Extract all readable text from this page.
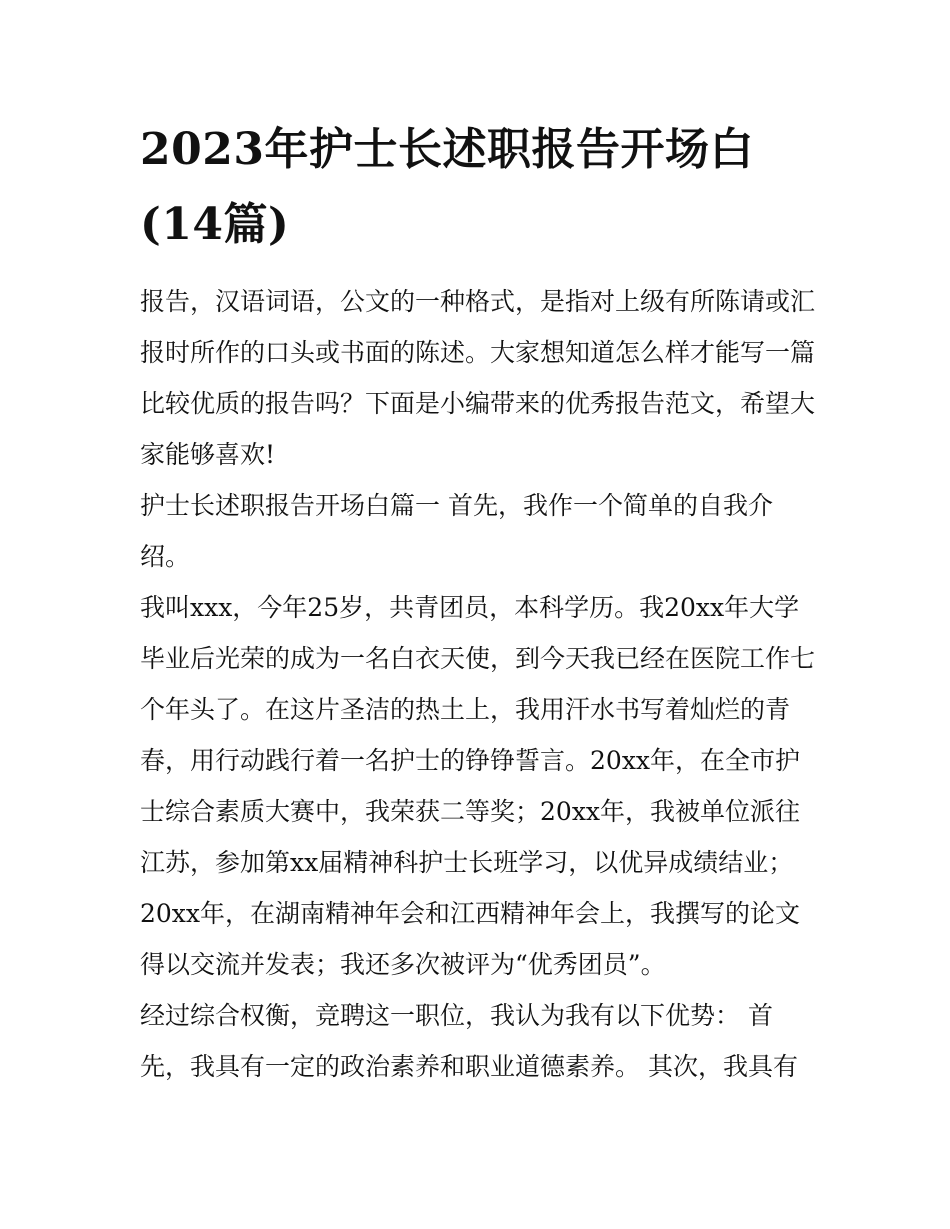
2023年护士长述职报告开场白
(14篇)

报告，汉语词语，公文的一种格式，是指对上级有所陈请或汇
报时所作的口头或书面的陈述。大家想知道怎么样才能写一篇
比较优质的报告吗？下面是小编带来的优秀报告范文，希望大
家能够喜欢!

护士长述职报告开场白篇一 首先，我作一个简单的自我介
绍。

我叫xxx，今年25岁，共青团员，本科学历。我20xx年大学
毕业后光荣的成为一名白衣天使，到今天我已经在医院工作七
个年头了。在这片圣洁的热土上，我用汗水书写着灿烂的青
春，用行动践行着一名护士的铮铮誓言。20xx年，在全市护
士综合素质大赛中，我荣获二等奖；20xx年，我被单位派往
江苏，参加第xx届精神科护士长班学习，以优异成绩结业；
20xx年，在湖南精神年会和江西精神年会上，我撰写的论文
得以交流并发表；我还多次被评为“优秀团员”。

经过综合权衡，竞聘这一职位，我认为我有以下优势： 首
先，我具有一定的政治素养和职业道德素养。 其次，我具有
